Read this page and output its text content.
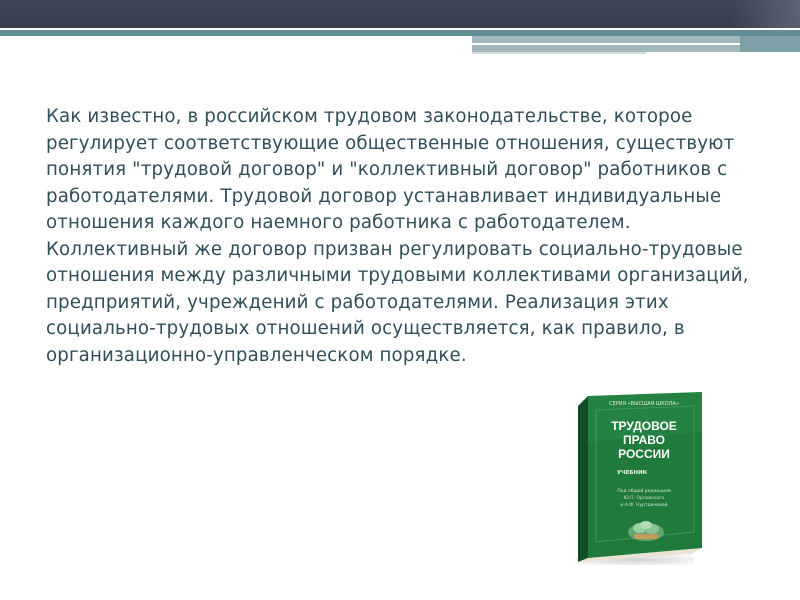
Как известно, в российском трудовом законодательстве, которое регулирует соответствующие общественные отношения, существуют понятия "трудовой договор" и "коллективный договор" работников с работодателями. Трудовой договор устанавливает индивидуальные отношения каждого наемного работника с работодателем. Коллективный же договор призван регулировать социально-трудовые отношения между различными трудовыми коллективами организаций, предприятий, учреждений с работодателями. Реализация этих социально-трудовых отношений осуществляется, как правило, в организационно-управленческом порядке.

СЕРИЯ «ВЫСШАЯ ШКОЛА»
ТРУДОВОЕ
ПРАВО
РОССИИ
УЧЕБНИК
Под общей редакцией
Ю.П. Орловского
и А.Ф. Нуртдиновой
